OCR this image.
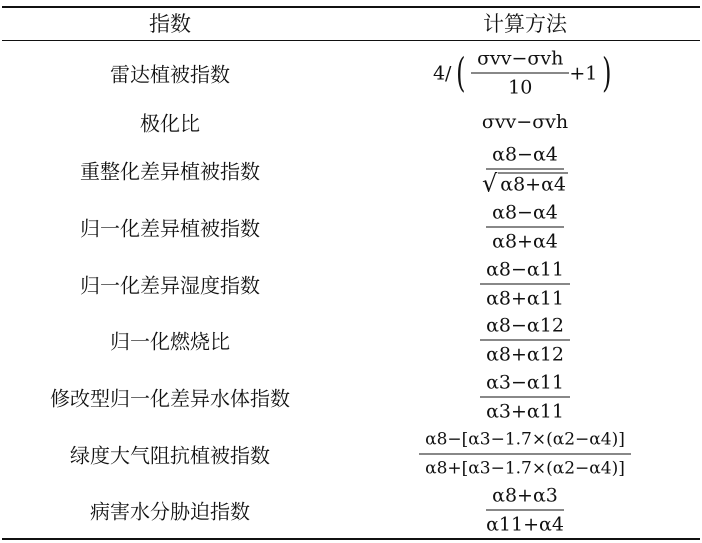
指数	计算方法
雷达植被指数	4/ ( $\frac{\text{σvv−σvh}}{10} +1$ )
极化比	σvv−σvh
重整化差异植被指数	$\frac{\alpha 8-\alpha 4}{√ \alpha 8+\alpha 4}$
归一化差异植被指数	$\frac{\alpha 8-\alpha 4}{\alpha 8+\alpha 4}$
归一化差异湿度指数	$\frac{\alpha 8-\alpha 11}{\alpha 8+\alpha 11}$
归一化燃烧比	$\frac{\alpha 8-\alpha 12}{\alpha 8+\alpha 12}$
修改型归一化差异水体指数	$\frac{\alpha 3-\alpha 11}{\alpha 3+\alpha 11}$
绿度大气阻抗植被指数	$\frac{\alpha 8-[\alpha 3-1.7\times(\alpha 2-\alpha 4)]}{\alpha 8+[\alpha 3-1.7\times(\alpha 2-\alpha 4)]}$
病害水分胁迫指数	$\frac{\alpha 8+\alpha 3}{\alpha 11+\alpha 4}$
